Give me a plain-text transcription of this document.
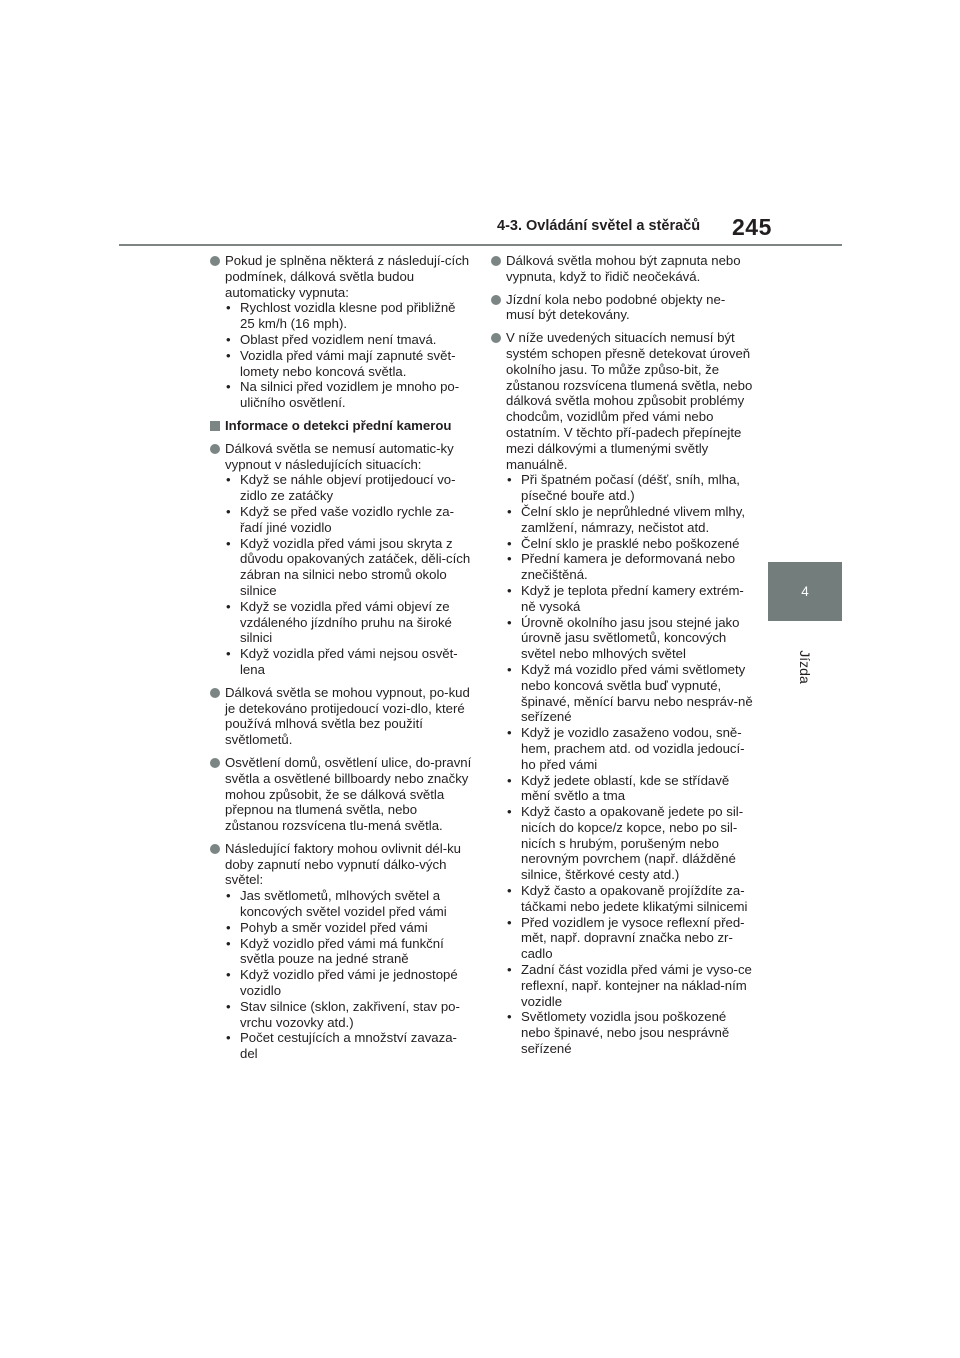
4-3. Ovládání světel a stěračů 245
4
Jízda
Pokud je splněna některá z následují-cích podmínek, dálková světla budou automaticky vypnuta:
• Rychlost vozidla klesne pod přibližně 25 km/h (16 mph).
• Oblast před vozidlem není tmavá.
• Vozidla před vámi mají zapnuté svět-lomety nebo koncová světla.
• Na silnici před vozidlem je mnoho po-uličního osvětlení.
Informace o detekci přední kamerou
Dálková světla se nemusí automatic-ky vypnout v následujících situacích:
• Když se náhle objeví protijedoucí vo-zidlo ze zatáčky
• Když se před vaše vozidlo rychle za-řadí jiné vozidlo
• Když vozidla před vámi jsou skryta z důvodu opakovaných zatáček, děli-cích zábran na silnici nebo stromů okolo silnice
• Když se vozidla před vámi objeví ze vzdáleného jízdního pruhu na široké silnici
• Když vozidla před vámi nejsou osvět-lena
Dálková světla se mohou vypnout, po-kud je detekováno protijedoucí vozi-dlo, které používá mlhová světla bez použití světlometů.
Osvětlení domů, osvětlení ulice, do-pravní světla a osvětlené billboardy nebo značky mohou způsobit, že se dálková světla přepnou na tlumená světla, nebo zůstanou rozsvícena tlu-mená světla.
Následující faktory mohou ovlivnit dél-ku doby zapnutí nebo vypnutí dálko-vých světel:
• Jas světlometů, mlhových světel a koncových světel vozidel před vámi
• Pohyb a směr vozidel před vámi
• Když vozidlo před vámi má funkční světla pouze na jedné straně
• Když vozidlo před vámi je jednostopé vozidlo
• Stav silnice (sklon, zakřivení, stav po-vrchu vozovky atd.)
• Počet cestujících a množství zavaza-del
Dálková světla mohou být zapnuta nebo vypnuta, když to řidič neočekává.
Jízdní kola nebo podobné objekty ne-musí být detekovány.
V níže uvedených situacích nemusí být systém schopen přesně detekovat úroveň okolního jasu. To může způso-bit, že zůstanou rozsvícena tlumená světla, nebo dálková světla mohou způsobit problémy chodcům, vozidlům před vámi nebo ostatním. V těchto pří-padech přepínejte mezi dálkovými a tlumenými světly manuálně.
• Při špatném počasí (déšť, sníh, mlha, písečné bouře atd.)
• Čelní sklo je neprůhledné vlivem mlhy, zamlžení, námrazy, nečistot atd.
• Čelní sklo je prasklé nebo poškozené
• Přední kamera je deformovaná nebo znečištěná.
• Když je teplota přední kamery extrém-ně vysoká
• Úrovně okolního jasu jsou stejné jako úrovně jasu světlometů, koncových světel nebo mlhových světel
• Když má vozidlo před vámi světlomety nebo koncová světla buď vypnuté, špinavé, měnící barvu nebo nespráv-ně seřízené
• Když je vozidlo zasaženo vodou, sně-hem, prachem atd. od vozidla jedoucí-ho před vámi
• Když jedete oblastí, kde se střídavě mění světlo a tma
• Když často a opakovaně jedete po sil-nicích do kopce/z kopce, nebo po sil-nicích s hrubým, porušeným nebo nerovným povrchem (např. dlážděné silnice, štěrkové cesty atd.)
• Když často a opakovaně projíždíte za-táčkami nebo jedete klikatými silnicemi
• Před vozidlem je vysoce reflexní před-mět, např. dopravní značka nebo zr-cadlo
• Zadní část vozidla před vámi je vyso-ce reflexní, např. kontejner na náklad-ním vozidle
• Světlomety vozidla jsou poškozené nebo špinavé, nebo jsou nesprávně seřízené
